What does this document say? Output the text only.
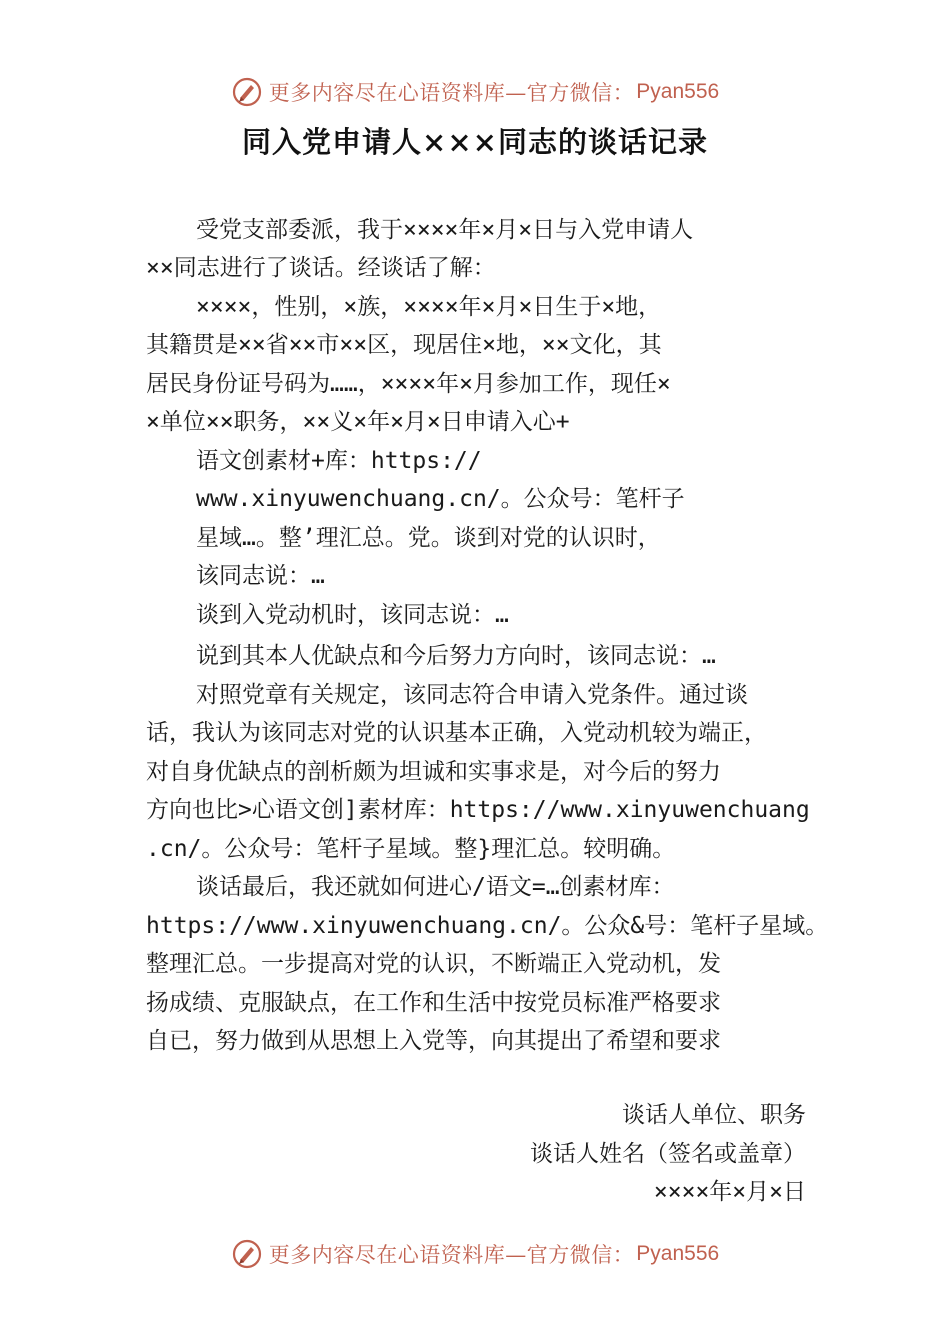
更多内容尽在心语资料库—官方微信： Pyan556
同入党申请人×××同志的谈话记录
受党支部委派，我于××××年×月×日与入党申请人
××同志进行了谈话。经谈话了解：
××××，性别，×族，××××年×月×日生于×地，
其籍贯是××省××市××区，现居住×地，××文化，其
居民身份证号码为……，××××年×月参加工作，现任×
×单位××职务，××义×年×月×日申请入心+
语文创素材+库：https://
www.xinyuwenchuang.cn/。公众号：笔杆子
星域…。整’理汇总。党。谈到对党的认识时，
该同志说：…
谈到入党动机时，该同志说：…
说到其本人优缺点和今后努力方向时，该同志说：…
对照党章有关规定，该同志符合申请入党条件。通过谈
话，我认为该同志对党的认识基本正确，入党动机较为端正，
对自身优缺点的剖析颇为坦诚和实事求是，对今后的努力
方向也比>心语文创]素材库：https://www.xinyuwenchuang
.cn/。公众号：笔杆子星域。整}理汇总。较明确。
谈话最后，我还就如何进心/语文=…创素材库：
https://www.xinyuwenchuang.cn/。公众&号：笔杆子星域。
整理汇总。一步提高对党的认识，不断端正入党动机，发
扬成绩、克服缺点，在工作和生活中按党员标准严格要求
自已，努力做到从思想上入党等，向其提出了希望和要求
谈话人单位、职务
谈话人姓名（签名或盖章）
××××年×月×日
更多内容尽在心语资料库—官方微信： Pyan556
